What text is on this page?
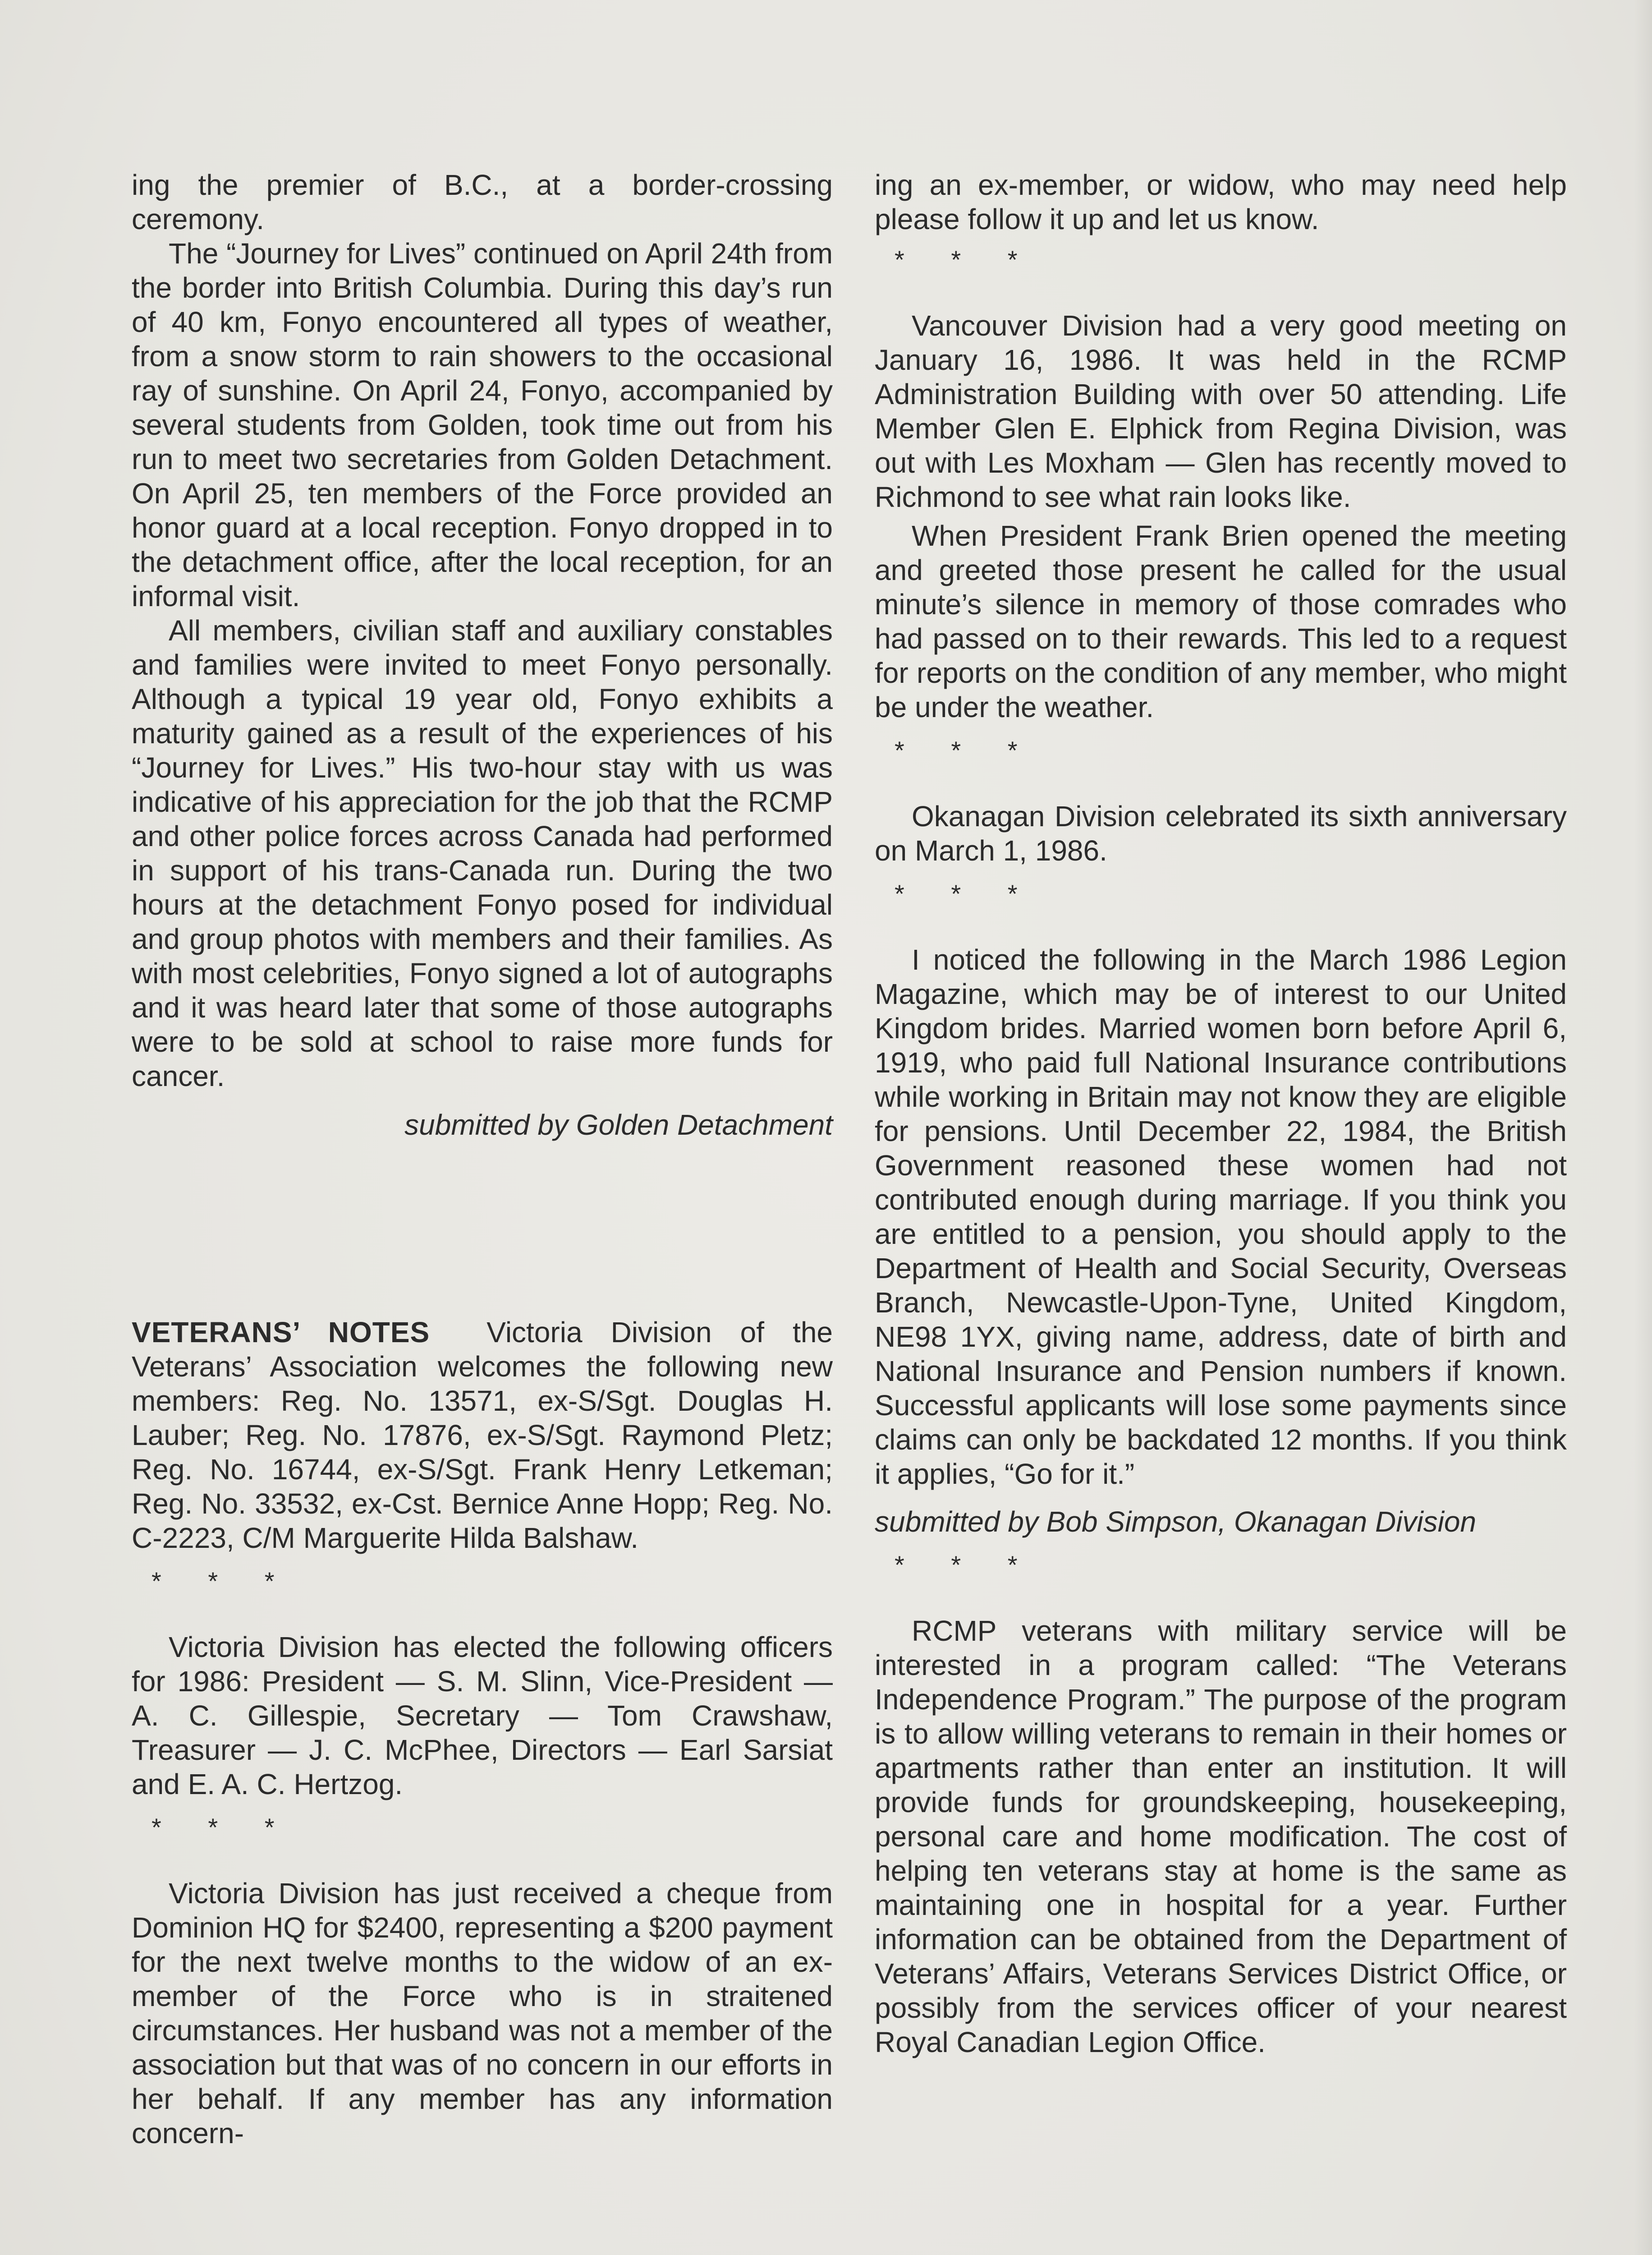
ing the premier of B.C., at a border-crossing ceremony.

The “Journey for Lives” continued on April 24th from the border into British Columbia. During this day’s run of 40 km, Fonyo encountered all types of weather, from a snow storm to rain showers to the occasional ray of sunshine. On April 24, Fonyo, accompanied by several students from Golden, took time out from his run to meet two secretaries from Golden Detachment. On April 25, ten members of the Force provided an honor guard at a local reception. Fonyo dropped in to the detachment office, after the local reception, for an informal visit.

All members, civilian staff and auxiliary constables and families were invited to meet Fonyo personally. Although a typical 19 year old, Fonyo exhibits a maturity gained as a result of the experiences of his “Journey for Lives.” His two-hour stay with us was indicative of his appreciation for the job that the RCMP and other police forces across Canada had performed in support of his trans-Canada run. During the two hours at the detachment Fonyo posed for individual and group photos with members and their families. As with most celebrities, Fonyo signed a lot of autographs and it was heard later that some of those autographs were to be sold at school to raise more funds for cancer.

submitted by Golden Detachment

VETERANS’ NOTES Victoria Division of the Veterans’ Association welcomes the following new members: Reg. No. 13571, ex-S/Sgt. Douglas H. Lauber; Reg. No. 17876, ex-S/Sgt. Raymond Pletz; Reg. No. 16744, ex-S/Sgt. Frank Henry Letkeman; Reg. No. 33532, ex-Cst. Bernice Anne Hopp; Reg. No. C-2223, C/M Marguerite Hilda Balshaw.

* * *

Victoria Division has elected the following officers for 1986: President — S. M. Slinn, Vice-President — A. C. Gillespie, Secretary — Tom Crawshaw, Treasurer — J. C. McPhee, Directors — Earl Sarsiat and E. A. C. Hertzog.

* * *

Victoria Division has just received a cheque from Dominion HQ for $2400, representing a $200 payment for the next twelve months to the widow of an ex-member of the Force who is in straitened circumstances. Her husband was not a member of the association but that was of no concern in our efforts in her behalf. If any member has any information concern-

ing an ex-member, or widow, who may need help please follow it up and let us know.

* * *

Vancouver Division had a very good meeting on January 16, 1986. It was held in the RCMP Administration Building with over 50 attending. Life Member Glen E. Elphick from Regina Division, was out with Les Moxham — Glen has recently moved to Richmond to see what rain looks like.

When President Frank Brien opened the meeting and greeted those present he called for the usual minute’s silence in memory of those comrades who had passed on to their rewards. This led to a request for reports on the condition of any member, who might be under the weather.

* * *

Okanagan Division celebrated its sixth anniversary on March 1, 1986.

* * *

I noticed the following in the March 1986 Legion Magazine, which may be of interest to our United Kingdom brides. Married women born before April 6, 1919, who paid full National Insurance contributions while working in Britain may not know they are eligible for pensions. Until December 22, 1984, the British Government reasoned these women had not contributed enough during marriage. If you think you are entitled to a pension, you should apply to the Department of Health and Social Security, Overseas Branch, Newcastle-Upon-Tyne, United Kingdom, NE98 1YX, giving name, address, date of birth and National Insurance and Pension numbers if known. Successful applicants will lose some payments since claims can only be backdated 12 months. If you think it applies, “Go for it.”

submitted by Bob Simpson, Okanagan Division

* * *

RCMP veterans with military service will be interested in a program called: “The Veterans Independence Program.” The purpose of the program is to allow willing veterans to remain in their homes or apartments rather than enter an institution. It will provide funds for groundskeeping, housekeeping, personal care and home modification. The cost of helping ten veterans stay at home is the same as maintaining one in hospital for a year. Further information can be obtained from the Department of Veterans’ Affairs, Veterans Services District Office, or possibly from the services officer of your nearest Royal Canadian Legion Office.
